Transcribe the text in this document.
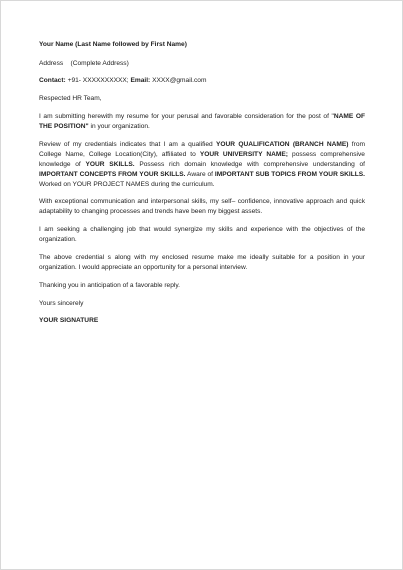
Your Name (Last Name followed by First Name)

Address (Complete Address)

Contact: +91- XXXXXXXXXX; Email: XXXX@gmail.com

Respected HR Team,

I am submitting herewith my resume for your perusal and favorable consideration for the post of "NAME OF THE POSITION" in your organization.

Review of my credentials indicates that I am a qualified YOUR QUALIFICATION (BRANCH NAME) from College Name, College Location(City), affiliated to YOUR UNIVERSITY NAME; possess comprehensive knowledge of YOUR SKILLS. Possess rich domain knowledge with comprehensive understanding of IMPORTANT CONCEPTS FROM YOUR SKILLS. Aware of IMPORTANT SUB TOPICS FROM YOUR SKILLS. Worked on YOUR PROJECT NAMES during the curriculum.

With exceptional communication and interpersonal skills, my self– confidence, innovative approach and quick adaptability to changing processes and trends have been my biggest assets.

I am seeking a challenging job that would synergize my skills and experience with the objectives of the organization.

The above credential s along with my enclosed resume make me ideally suitable for a position in your organization. I would appreciate an opportunity for a personal interview.

Thanking you in anticipation of a favorable reply.

Yours sincerely

YOUR SIGNATURE
